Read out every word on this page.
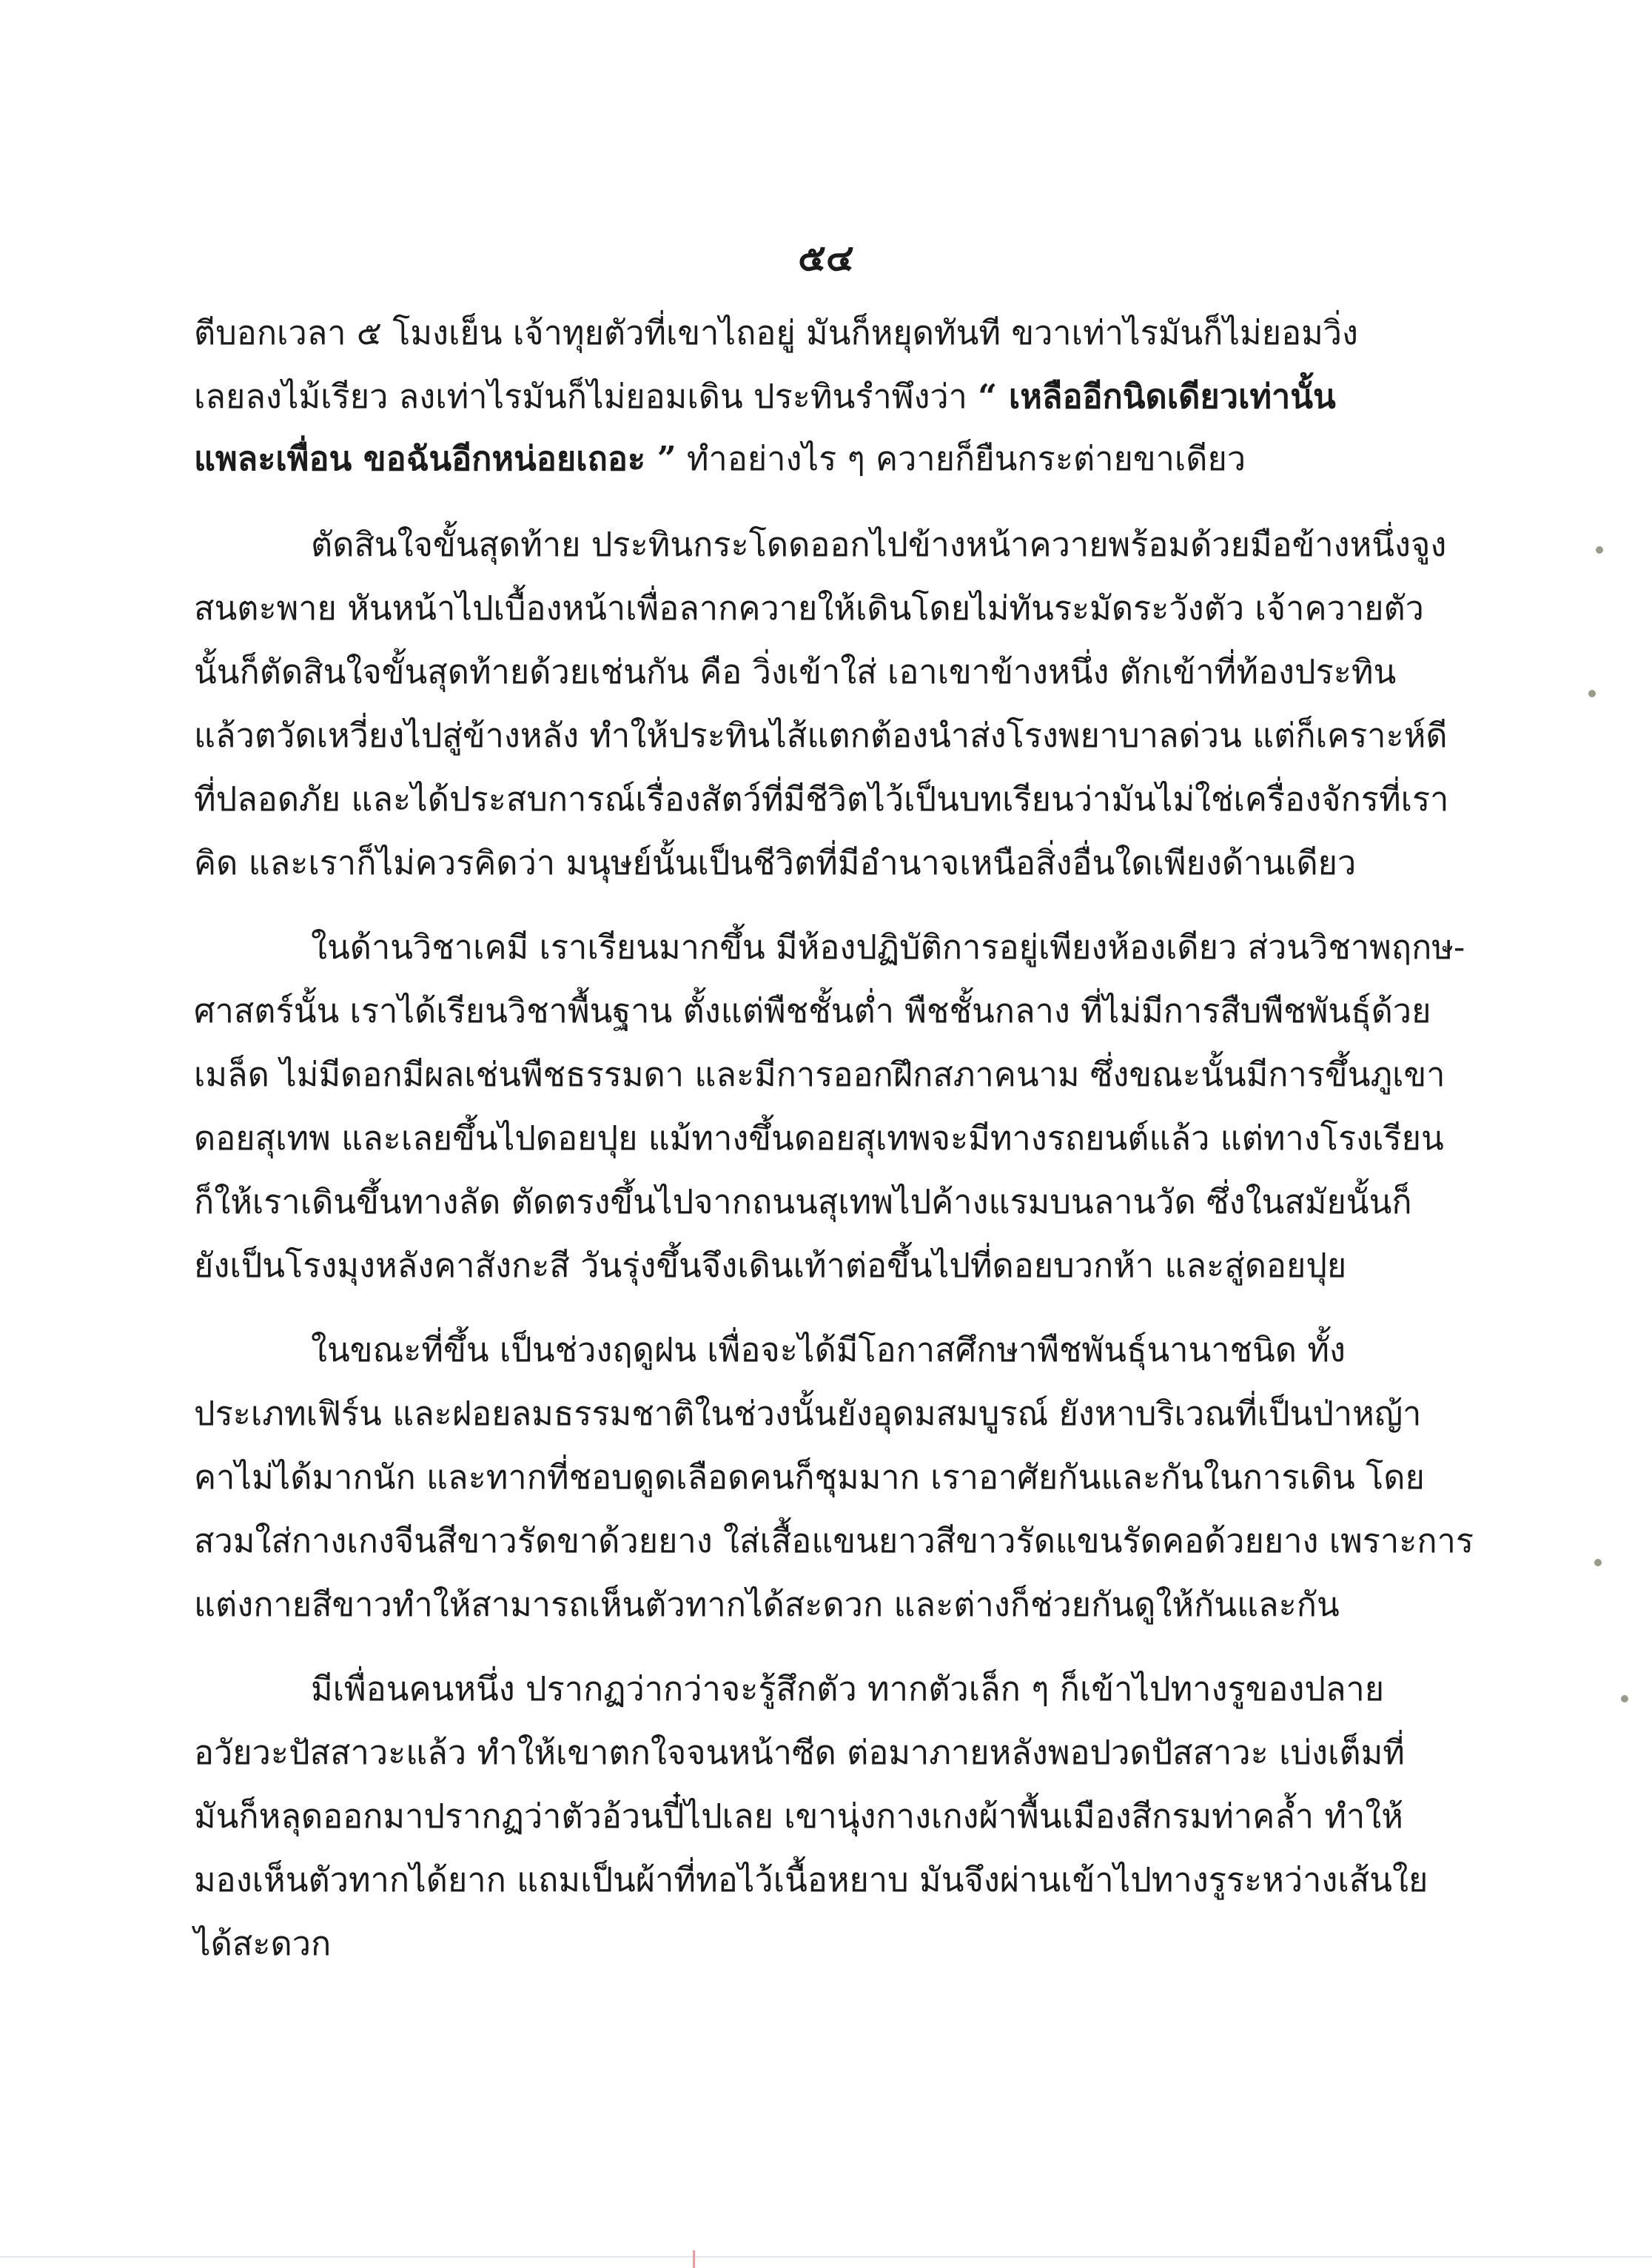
๕๔
ตีบอกเวลา ๕ โมงเย็น เจ้าทุยตัวที่เขาไถอยู่ มันก็หยุดทันที ขวาเท่าไรมันก็ไม่ยอมวิ่ง
เลยลงไม้เรียว ลงเท่าไรมันก็ไม่ยอมเดิน ประทินรำพึงว่า “ เหลืออีกนิดเดียวเท่านั้น
แพละเพื่อน ขอฉันอีกหน่อยเถอะ ” ทำอย่างไร ๆ ควายก็ยืนกระต่ายขาเดียว
ตัดสินใจขั้นสุดท้าย ประทินกระโดดออกไปข้างหน้าควายพร้อมด้วยมือข้างหนึ่งจูง
สนตะพาย หันหน้าไปเบื้องหน้าเพื่อลากควายให้เดินโดยไม่ทันระมัดระวังตัว เจ้าควายตัว
นั้นก็ตัดสินใจขั้นสุดท้ายด้วยเช่นกัน คือ วิ่งเข้าใส่ เอาเขาข้างหนึ่ง ตักเข้าที่ท้องประทิน
แล้วตวัดเหวี่ยงไปสู่ข้างหลัง ทำให้ประทินไส้แตกต้องนำส่งโรงพยาบาลด่วน แต่ก็เคราะห์ดี
ที่ปลอดภัย และได้ประสบการณ์เรื่องสัตว์ที่มีชีวิตไว้เป็นบทเรียนว่ามันไม่ใช่เครื่องจักรที่เรา
คิด และเราก็ไม่ควรคิดว่า มนุษย์นั้นเป็นชีวิตที่มีอำนาจเหนือสิ่งอื่นใดเพียงด้านเดียว
ในด้านวิชาเคมี เราเรียนมากขึ้น มีห้องปฏิบัติการอยู่เพียงห้องเดียว ส่วนวิชาพฤกษ-
ศาสตร์นั้น เราได้เรียนวิชาพื้นฐาน ตั้งแต่พืชชั้นต่ำ พืชชั้นกลาง ที่ไม่มีการสืบพืชพันธุ์ด้วย
เมล็ด ไม่มีดอกมีผลเช่นพืชธรรมดา และมีการออกฝึกสภาคนาม ซึ่งขณะนั้นมีการขึ้นภูเขา
ดอยสุเทพ และเลยขึ้นไปดอยปุย แม้ทางขึ้นดอยสุเทพจะมีทางรถยนต์แล้ว แต่ทางโรงเรียน
ก็ให้เราเดินขึ้นทางลัด ตัดตรงขึ้นไปจากถนนสุเทพไปค้างแรมบนลานวัด ซึ่งในสมัยนั้นก็
ยังเป็นโรงมุงหลังคาสังกะสี วันรุ่งขึ้นจึงเดินเท้าต่อขึ้นไปที่ดอยบวกห้า และสู่ดอยปุย
ในขณะที่ขึ้น เป็นช่วงฤดูฝน เพื่อจะได้มีโอกาสศึกษาพืชพันธุ์นานาชนิด ทั้ง
ประเภทเฟิร์น และฝอยลมธรรมชาติในช่วงนั้นยังอุดมสมบูรณ์ ยังหาบริเวณที่เป็นป่าหญ้า
คาไม่ได้มากนัก และทากที่ชอบดูดเลือดคนก็ชุมมาก เราอาศัยกันและกันในการเดิน โดย
สวมใส่กางเกงจีนสีขาวรัดขาด้วยยาง ใส่เสื้อแขนยาวสีขาวรัดแขนรัดคอด้วยยาง เพราะการ
แต่งกายสีขาวทำให้สามารถเห็นตัวทากได้สะดวก และต่างก็ช่วยกันดูให้กันและกัน
มีเพื่อนคนหนึ่ง ปรากฏว่ากว่าจะรู้สึกตัว ทากตัวเล็ก ๆ ก็เข้าไปทางรูของปลาย
อวัยวะปัสสาวะแล้ว ทำให้เขาตกใจจนหน้าซีด ต่อมาภายหลังพอปวดปัสสาวะ เบ่งเต็มที่
มันก็หลุดออกมาปรากฏว่าตัวอ้วนปี๋ไปเลย เขานุ่งกางเกงผ้าพื้นเมืองสีกรมท่าคล้ำ ทำให้
มองเห็นตัวทากได้ยาก แถมเป็นผ้าที่ทอไว้เนื้อหยาบ มันจึงผ่านเข้าไปทางรูระหว่างเส้นใย
ได้สะดวก
